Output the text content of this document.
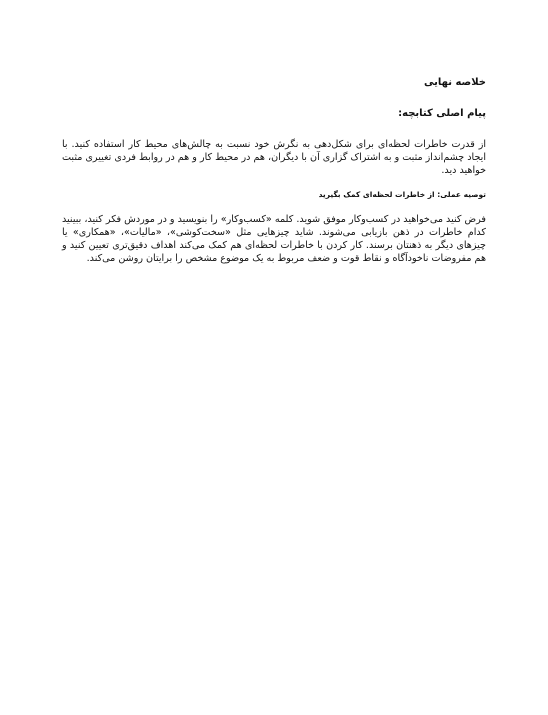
خلاصه نهایی
پیام اصلی کتابچه:

از قدرت خاطرات لحظه‌ای برای شکل‌دهی به نگرش خود نسبت به چالش‌های محیط کار استفاده کنید. با ایجاد چشم‌انداز مثبت و به اشتراک گزاری آن با دیگران، هم در محیط کار و هم در روابط فردی تغییری مثبت خواهید دید.

توصیه عملی: از خاطرات لحظه‌ای کمک بگیرید

فرض کنید می‌خواهید در کسب‌وکار موفق شوید. کلمه «کسب‌وکار» را بنویسید و در موردش فکر کنید، ببینید کدام خاطرات در ذهن بازیابی می‌شوند. شاید چیزهایی مثل «سخت‌کوشی»، «مالیات»، «همکاری» یا چیزهای دیگر به ذهنتان برسند. کار کردن با خاطرات لحظه‌ای هم کمک می‌کند اهداف دقیق‌تری تعیین کنید و هم مفروضات ناخودآگاه و نقاط قوت و ضعف مربوط به یک موضوع مشخص را برایتان روشن می‌کند.
